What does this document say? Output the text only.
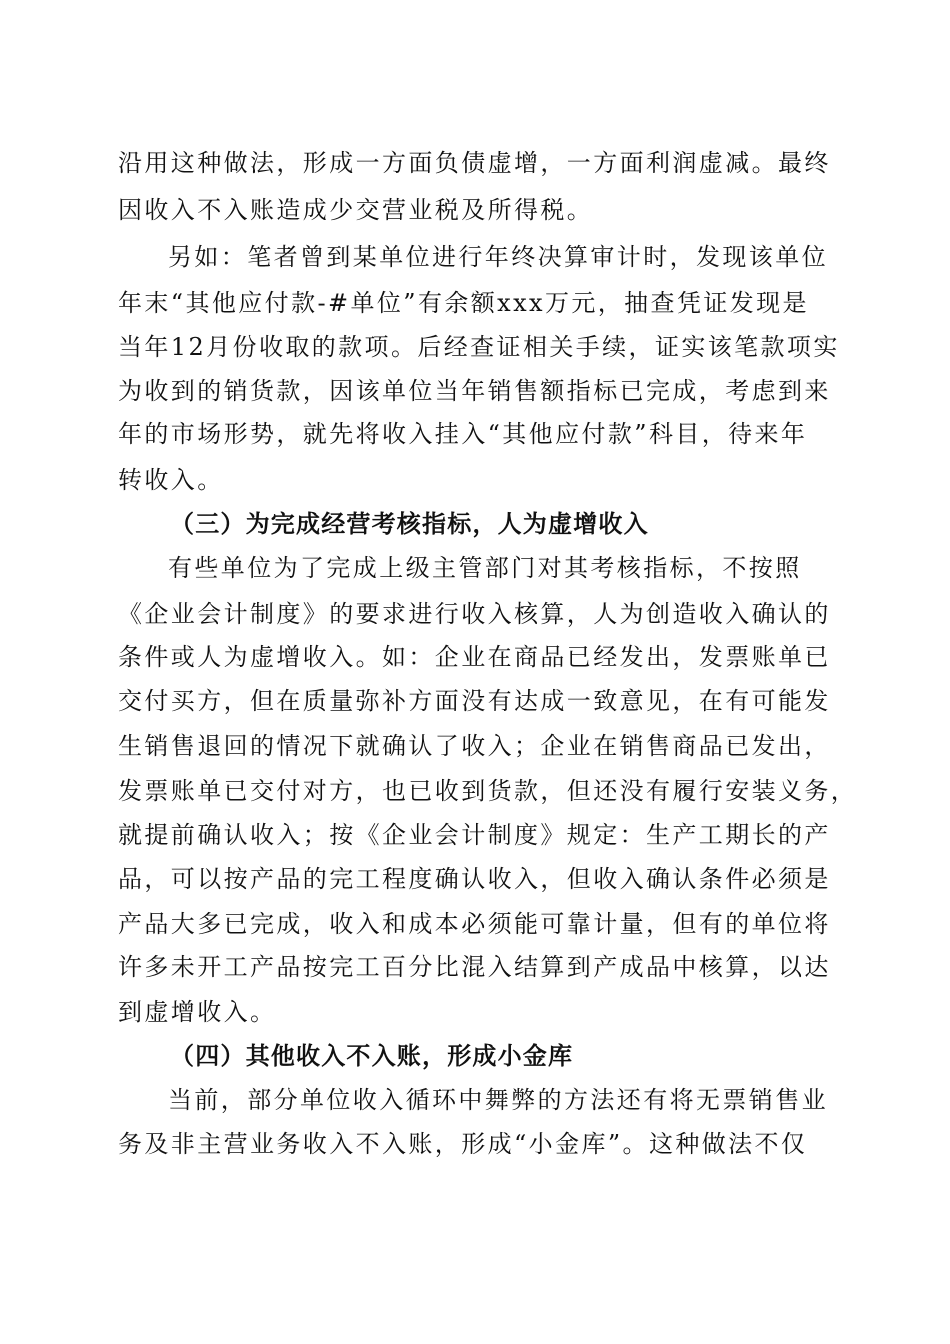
沿用这种做法，形成一方面负债虚增，一方面利润虚减。最终
因收入不入账造成少交营业税及所得税。
另如：笔者曾到某单位进行年终决算审计时，发现该单位
年末“其他应付款-#单位”有余额xxx万元，抽查凭证发现是
当年12月份收取的款项。后经查证相关手续，证实该笔款项实
为收到的销货款，因该单位当年销售额指标已完成，考虑到来
年的市场形势，就先将收入挂入“其他应付款”科目，待来年
转收入。
（三）为完成经营考核指标，人为虚增收入
有些单位为了完成上级主管部门对其考核指标，不按照
《企业会计制度》的要求进行收入核算，人为创造收入确认的
条件或人为虚增收入。如：企业在商品已经发出，发票账单已
交付买方，但在质量弥补方面没有达成一致意见，在有可能发
生销售退回的情况下就确认了收入；企业在销售商品已发出，
发票账单已交付对方，也已收到货款，但还没有履行安装义务，
就提前确认收入；按《企业会计制度》规定：生产工期长的产
品，可以按产品的完工程度确认收入，但收入确认条件必须是
产品大多已完成，收入和成本必须能可靠计量，但有的单位将
许多未开工产品按完工百分比混入结算到产成品中核算，以达
到虚增收入。
（四）其他收入不入账，形成小金库
当前，部分单位收入循环中舞弊的方法还有将无票销售业
务及非主营业务收入不入账，形成“小金库”。这种做法不仅
